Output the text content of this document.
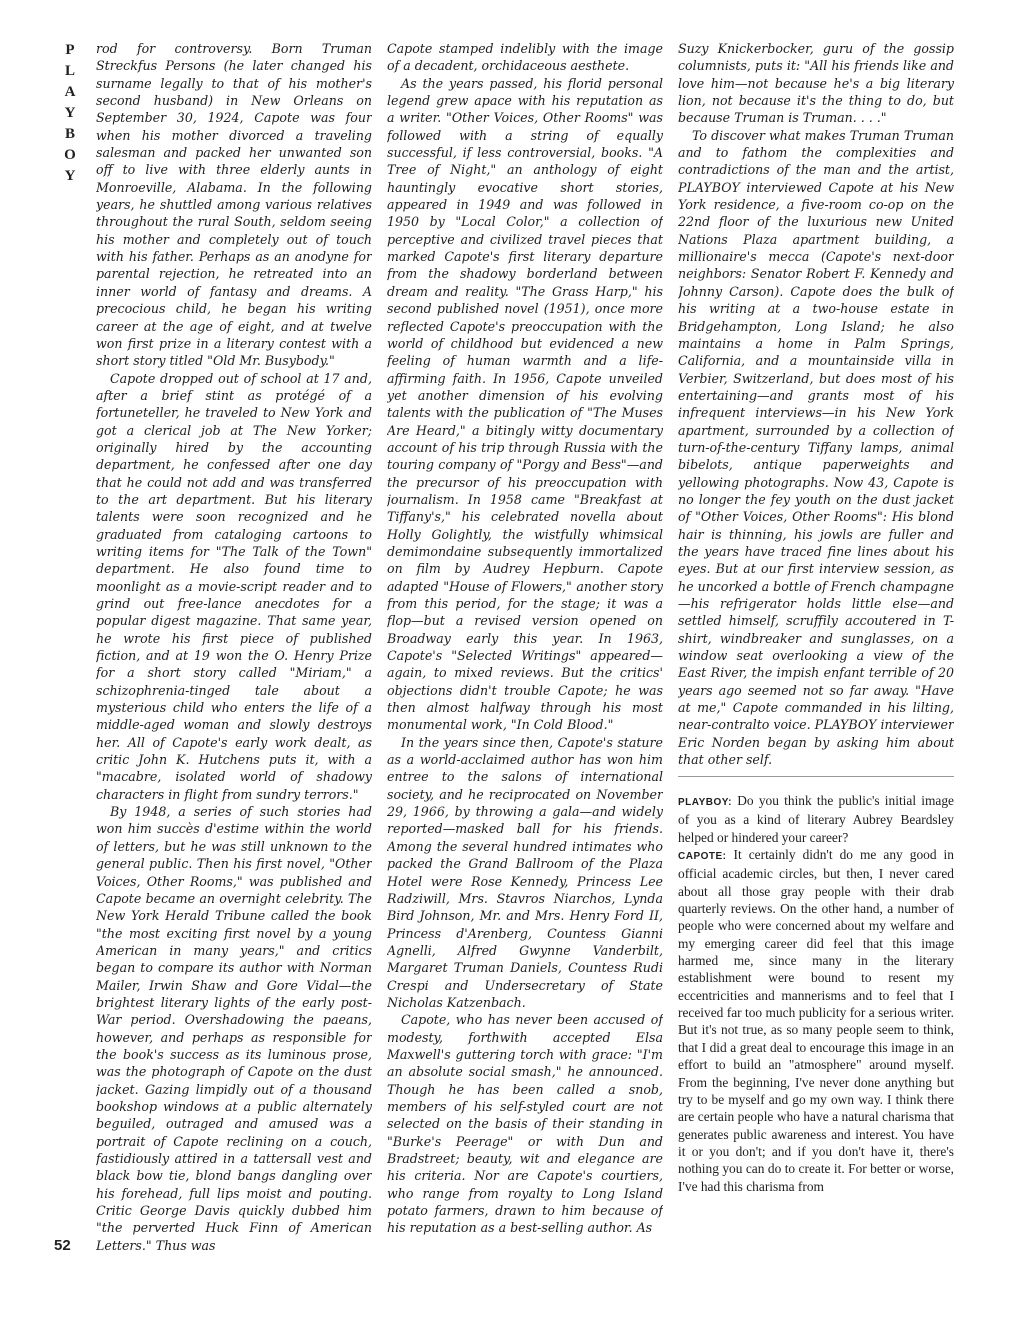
P
L
A
Y
B
O
Y
52

rod for controversy. Born Truman Streckfus Persons (he later changed his surname legally to that of his mother's second husband) in New Orleans on September 30, 1924, Capote was four when his mother divorced a traveling salesman and packed her unwanted son off to live with three elderly aunts in Monroeville, Alabama. In the following years, he shuttled among various relatives throughout the rural South, seldom seeing his mother and completely out of touch with his father. Perhaps as an anodyne for parental rejection, he retreated into an inner world of fantasy and dreams. A precocious child, he began his writing career at the age of eight, and at twelve won first prize in a literary contest with a short story titled "Old Mr. Busybody."

Capote dropped out of school at 17 and, after a brief stint as protégé of a fortuneteller, he traveled to New York and got a clerical job at The New Yorker; originally hired by the accounting department, he confessed after one day that he could not add and was transferred to the art department. But his literary talents were soon recognized and he graduated from cataloging cartoons to writing items for "The Talk of the Town" department. He also found time to moonlight as a movie-script reader and to grind out free-lance anecdotes for a popular digest magazine. That same year, he wrote his first piece of published fiction, and at 19 won the O. Henry Prize for a short story called "Miriam," a schizophrenia-tinged tale about a mysterious child who enters the life of a middle-aged woman and slowly destroys her. All of Capote's early work dealt, as critic John K. Hutchens puts it, with a "macabre, isolated world of shadowy characters in flight from sundry terrors."

By 1948, a series of such stories had won him succès d'estime within the world of letters, but he was still unknown to the general public. Then his first novel, "Other Voices, Other Rooms," was published and Capote became an overnight celebrity. The New York Herald Tribune called the book "the most exciting first novel by a young American in many years," and critics began to compare its author with Norman Mailer, Irwin Shaw and Gore Vidal—the brightest literary lights of the early post-War period. Overshadowing the paeans, however, and perhaps as responsible for the book's success as its luminous prose, was the photograph of Capote on the dust jacket. Gazing limpidly out of a thousand bookshop windows at a public alternately beguiled, outraged and amused was a portrait of Capote reclining on a couch, fastidiously attired in a tattersall vest and black bow tie, blond bangs dangling over his forehead, full lips moist and pouting. Critic George Davis quickly dubbed him "the perverted Huck Finn of American Letters." Thus was

Capote stamped indelibly with the image of a decadent, orchidaceous aesthete.

As the years passed, his florid personal legend grew apace with his reputation as a writer. "Other Voices, Other Rooms" was followed with a string of equally successful, if less controversial, books. "A Tree of Night," an anthology of eight hauntingly evocative short stories, appeared in 1949 and was followed in 1950 by "Local Color," a collection of perceptive and civilized travel pieces that marked Capote's first literary departure from the shadowy borderland between dream and reality. "The Grass Harp," his second published novel (1951), once more reflected Capote's preoccupation with the world of childhood but evidenced a new feeling of human warmth and a life-affirming faith. In 1956, Capote unveiled yet another dimension of his evolving talents with the publication of "The Muses Are Heard," a bitingly witty documentary account of his trip through Russia with the touring company of "Porgy and Bess"—and the precursor of his preoccupation with journalism. In 1958 came "Breakfast at Tiffany's," his celebrated novella about Holly Golightly, the wistfully whimsical demimondaine subsequently immortalized on film by Audrey Hepburn. Capote adapted "House of Flowers," another story from this period, for the stage; it was a flop—but a revised version opened on Broadway early this year. In 1963, Capote's "Selected Writings" appeared—again, to mixed reviews. But the critics' objections didn't trouble Capote; he was then almost halfway through his most monumental work, "In Cold Blood."

In the years since then, Capote's stature as a world-acclaimed author has won him entree to the salons of international society, and he reciprocated on November 29, 1966, by throwing a gala—and widely reported—masked ball for his friends. Among the several hundred intimates who packed the Grand Ballroom of the Plaza Hotel were Rose Kennedy, Princess Lee Radziwill, Mrs. Stavros Niarchos, Lynda Bird Johnson, Mr. and Mrs. Henry Ford II, Princess d'Arenberg, Countess Gianni Agnelli, Alfred Gwynne Vanderbilt, Margaret Truman Daniels, Countess Rudi Crespi and Undersecretary of State Nicholas Katzenbach.

Capote, who has never been accused of modesty, forthwith accepted Elsa Maxwell's guttering torch with grace: "I'm an absolute social smash," he announced. Though he has been called a snob, members of his self-styled court are not selected on the basis of their standing in "Burke's Peerage" or with Dun and Bradstreet; beauty, wit and elegance are his criteria. Nor are Capote's courtiers, who range from royalty to Long Island potato farmers, drawn to him because of his reputation as a best-selling author. As

Suzy Knickerbocker, guru of the gossip columnists, puts it: "All his friends like and love him—not because he's a big literary lion, not because it's the thing to do, but because Truman is Truman. . . ."

To discover what makes Truman Truman and to fathom the complexities and contradictions of the man and the artist, PLAYBOY interviewed Capote at his New York residence, a five-room co-op on the 22nd floor of the luxurious new United Nations Plaza apartment building, a millionaire's mecca (Capote's next-door neighbors: Senator Robert F. Kennedy and Johnny Carson). Capote does the bulk of his writing at a two-house estate in Bridgehampton, Long Island; he also maintains a home in Palm Springs, California, and a mountainside villa in Verbier, Switzerland, but does most of his entertaining—and grants most of his infrequent interviews—in his New York apartment, surrounded by a collection of turn-of-the-century Tiffany lamps, animal bibelots, antique paperweights and yellowing photographs. Now 43, Capote is no longer the fey youth on the dust jacket of "Other Voices, Other Rooms": His blond hair is thinning, his jowls are fuller and the years have traced fine lines about his eyes. But at our first interview session, as he uncorked a bottle of French champagne—his refrigerator holds little else—and settled himself, scruffily accoutered in T-shirt, windbreaker and sunglasses, on a window seat overlooking a view of the East River, the impish enfant terrible of 20 years ago seemed not so far away. "Have at me," Capote commanded in his lilting, near-contralto voice. PLAYBOY interviewer Eric Norden began by asking him about that other self.

PLAYBOY: Do you think the public's initial image of you as a kind of literary Aubrey Beardsley helped or hindered your career?

CAPOTE: It certainly didn't do me any good in official academic circles, but then, I never cared about all those gray people with their drab quarterly reviews. On the other hand, a number of people who were concerned about my welfare and my emerging career did feel that this image harmed me, since many in the literary establishment were bound to resent my eccentricities and mannerisms and to feel that I received far too much publicity for a serious writer. But it's not true, as so many people seem to think, that I did a great deal to encourage this image in an effort to build an "atmosphere" around myself. From the beginning, I've never done anything but try to be myself and go my own way. I think there are certain people who have a natural charisma that generates public awareness and interest. You have it or you don't; and if you don't have it, there's nothing you can do to create it. For better or worse, I've had this charisma from
